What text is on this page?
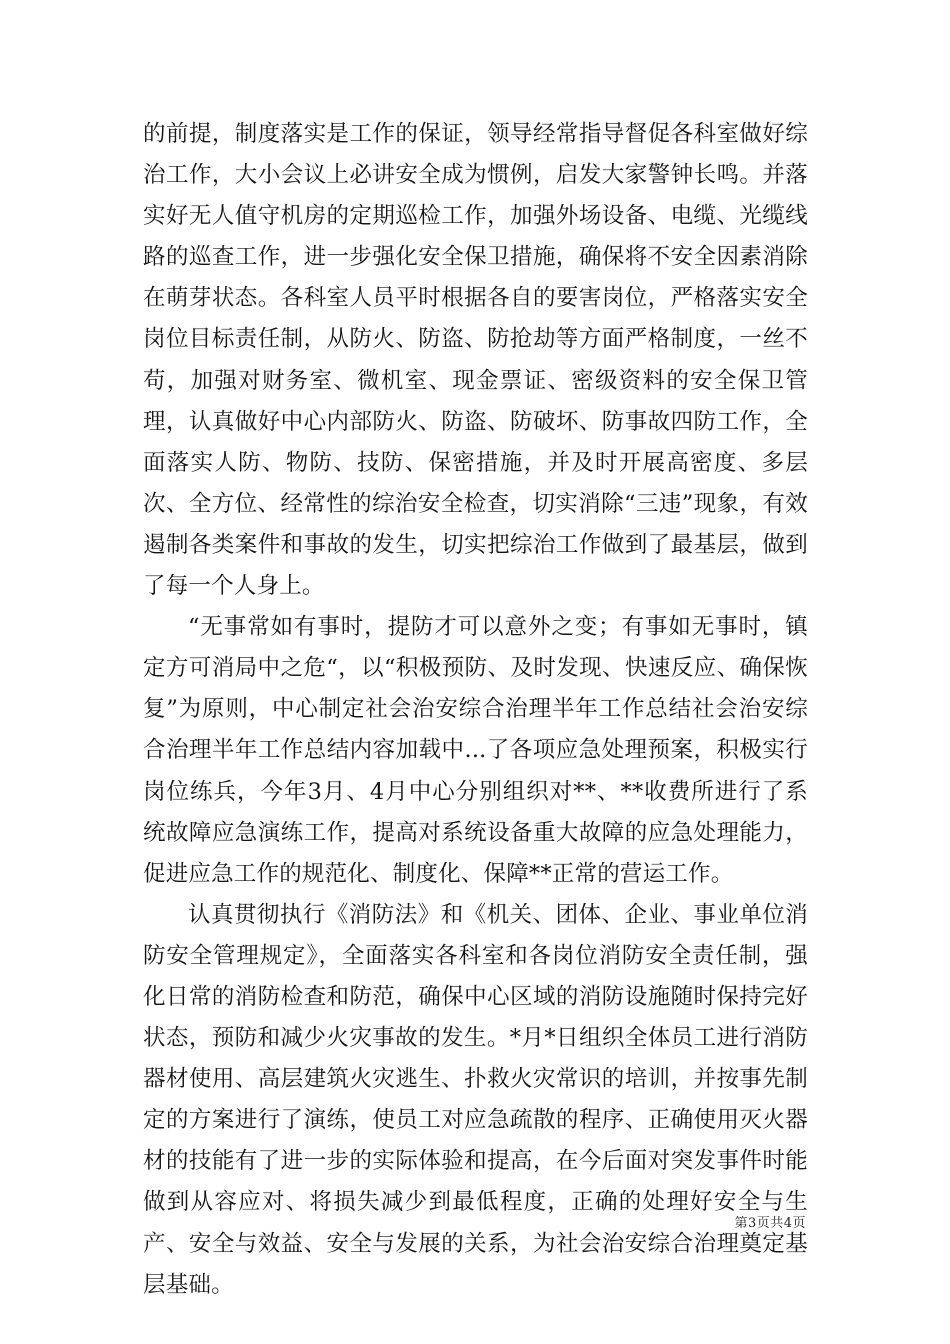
的前提，制度落实是工作的保证，领导经常指导督促各科室做好综治工作，大小会议上必讲安全成为惯例，启发大家警钟长鸣。并落实好无人值守机房的定期巡检工作，加强外场设备、电缆、光缆线路的巡查工作，进一步强化安全保卫措施，确保将不安全因素消除在萌芽状态。各科室人员平时根据各自的要害岗位，严格落实安全岗位目标责任制，从防火、防盗、防抢劫等方面严格制度，一丝不苟，加强对财务室、微机室、现金票证、密级资料的安全保卫管理，认真做好中心内部防火、防盗、防破坏、防事故四防工作，全面落实人防、物防、技防、保密措施，并及时开展高密度、多层次、全方位、经常性的综治安全检查，切实消除“三违”现象，有效遏制各类案件和事故的发生，切实把综治工作做到了最基层，做到了每一个人身上。

“无事常如有事时，提防才可以意外之变；有事如无事时，镇定方可消局中之危“，以“积极预防、及时发现、快速反应、确保恢复”为原则，中心制定社会治安综合治理半年工作总结社会治安综合治理半年工作总结内容加载中...了各项应急处理预案，积极实行岗位练兵，今年3月、4月中心分别组织对**、**收费所进行了系统故障应急演练工作，提高对系统设备重大故障的应急处理能力，促进应急工作的规范化、制度化、保障**正常的营运工作。

认真贯彻执行《消防法》和《机关、团体、企业、事业单位消防安全管理规定》，全面落实各科室和各岗位消防安全责任制，强化日常的消防检查和防范，确保中心区域的消防设施随时保持完好状态，预防和减少火灾事故的发生。*月*日组织全体员工进行消防器材使用、高层建筑火灾逃生、扑救火灾常识的培训，并按事先制定的方案进行了演练，使员工对应急疏散的程序、正确使用灭火器材的技能有了进一步的实际体验和提高，在今后面对突发事件时能做到从容应对、将损失减少到最低程度，正确的处理好安全与生产、安全与效益、安全与发展的关系，为社会治安综合治理奠定基层基础。

第3页共4页
